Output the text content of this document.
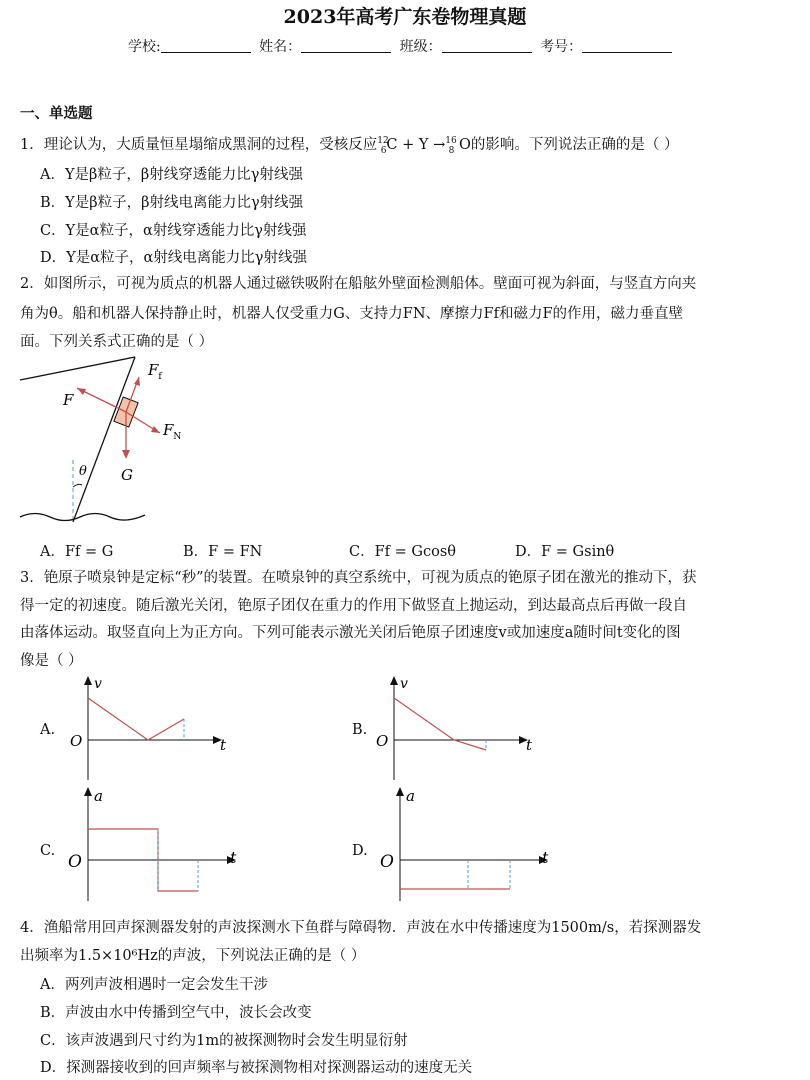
2023年高考广东卷物理真题
学校:	姓名：	班级：	考号：
一、单选题
1．理论认为，大质量恒星塌缩成黑洞的过程，受核反应$^{12}_6$C + Y →$^{16}_8$ O的影响。下列说法正确的是（ ）
A．Y是β粒子，β射线穿透能力比γ射线强
B．Y是β粒子，β射线电离能力比γ射线强
C．Y是α粒子，α射线穿透能力比γ射线强
D．Y是α粒子，α射线电离能力比γ射线强
2．如图所示，可视为质点的机器人通过磁铁吸附在船舷外壁面检测船体。壁面可视为斜面，与竖直方向夹
角为θ。船和机器人保持静止时，机器人仅受重力G、支持力FN、摩擦力Ff和磁力F的作用，磁力垂直壁
面。下列关系式正确的是（ ）
θ
F
$F_f$
$F_N$
G
A．Ff = G	B．F = FN	C．Ff = Gcosθ	D．F = Gsinθ
3．铯原子喷泉钟是定标“秒”的装置。在喷泉钟的真空系统中，可视为质点的铯原子团在激光的推动下，获
得一定的初速度。随后激光关闭，铯原子团仅在重力的作用下做竖直上抛运动，到达最高点后再做一段自
由落体运动。取竖直向上为正方向。下列可能表示激光关闭后铯原子团速度v或加速度a随时间t变化的图
像是（ ）
A.
v
O	t
B.
v
O	t
C.
a
O	t	D.
a
O	t
4．渔船常用回声探测器发射的声波探测水下鱼群与障碍物．声波在水中传播速度为1500m/s，若探测器发
出频率为1.5×10⁶Hz的声波，下列说法正确的是（ ）
A．两列声波相遇时一定会发生干涉
B．声波由水中传播到空气中，波长会改变
C．该声波遇到尺寸约为1m的被探测物时会发生明显衍射
D．探测器接收到的回声频率与被探测物相对探测器运动的速度无关
